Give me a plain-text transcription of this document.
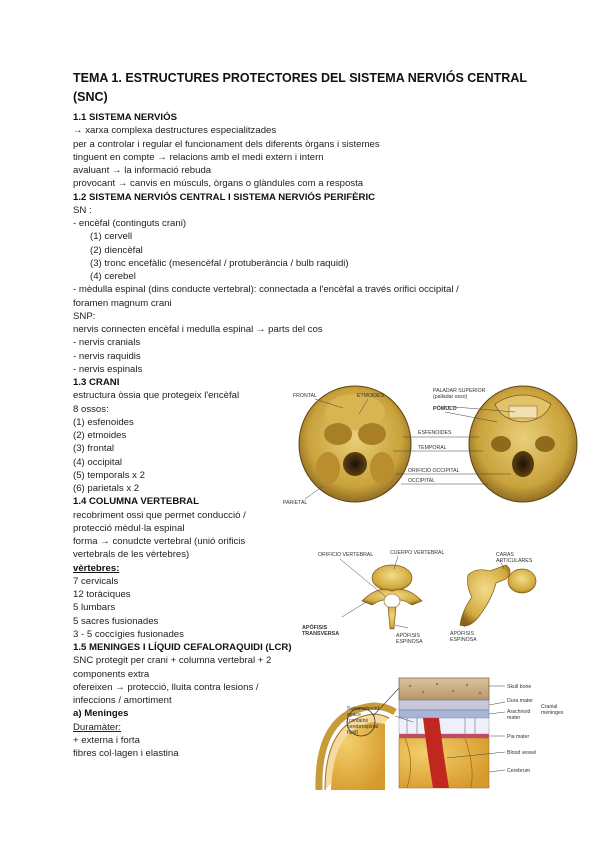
TEMA 1. ESTRUCTURES PROTECTORES DEL SISTEMA NERVIÓS CENTRAL (SNC)
1.1 SISTEMA NERVIÓS
→ xarxa complexa destructures especialitzades
per a controlar i regular el funcionament dels diferents òrgans i sistemes
tinguent en compte → relacions amb el medi extern i intern
avaluant → la informació rebuda
provocant → canvis en músculs, òrgans o glàndules com a resposta
1.2 SISTEMA NERVIÓS CENTRAL I SISTEMA NERVIÓS PERIFÈRIC
SN :
- encèfal (continguts crani)
(1) cervell
(2) diencèfal
(3) tronc encefàlic (mesencèfal / protuberància / bulb raquidi)
(4) cerebel
- mèdulla espinal (dins conducte vertebral): connectada a l'encèfal a través orifici occipital /
foramen magnum crani
SNP:
nervis connecten encèfal i medulla espinal → parts del cos
- nervis cranials
- nervis raquidis
- nervis espinals
1.3 CRANI
estructura òssia que protegeix l'encèfal
8 ossos:
(1) esfenoides
(2) etmoides
(3) frontal
(4) occipital
(5) temporals x 2
(6) parietals x 2
1.4 COLUMNA VERTEBRAL
recobriment ossi que permet conducció /
protecció mèdul·la espinal
forma → conudcte vertebral (unió orificis
vertebrals de les vèrtebres)
vèrtebres:
7 cervicals
12 toràciques
5 lumbars
5 sacres fusionades
3 - 5 coccígies fusionades
1.5 MENINGES I LÍQUID CEFALORAQUIDI (LCR)
SNC protegit per crani + columna vertebral + 2
components extra
ofereixen → protecció, lluita contra lesions /
infeccions / amortiment
a) Meninges
Duramàter:
+ externa i forta
fibres col·lagen i elastina
FRONTAL	ETMOIDES
PALADAR SUPERIOR (palladar osso)
PÓMULO
ESFENOIDES
TEMPORAL
ORIFICIO OCCIPITAL
OCCIPITAL
PARIETAL
ORIFICIO VERTEBRAL	CUERPO VERTEBRAL	CARAS ARTICULARES
APÓFISIS TRANSVERSA	APÓFISIS ESPINOSA
APÓFISIS ESPINOSA
Skull bone
Dura mater
Arachnoid mater
Cranial meninges
Pia mater
Blood vessel
Cerebrum
Subarachnoid space (contains cerebrospinal fluid)
